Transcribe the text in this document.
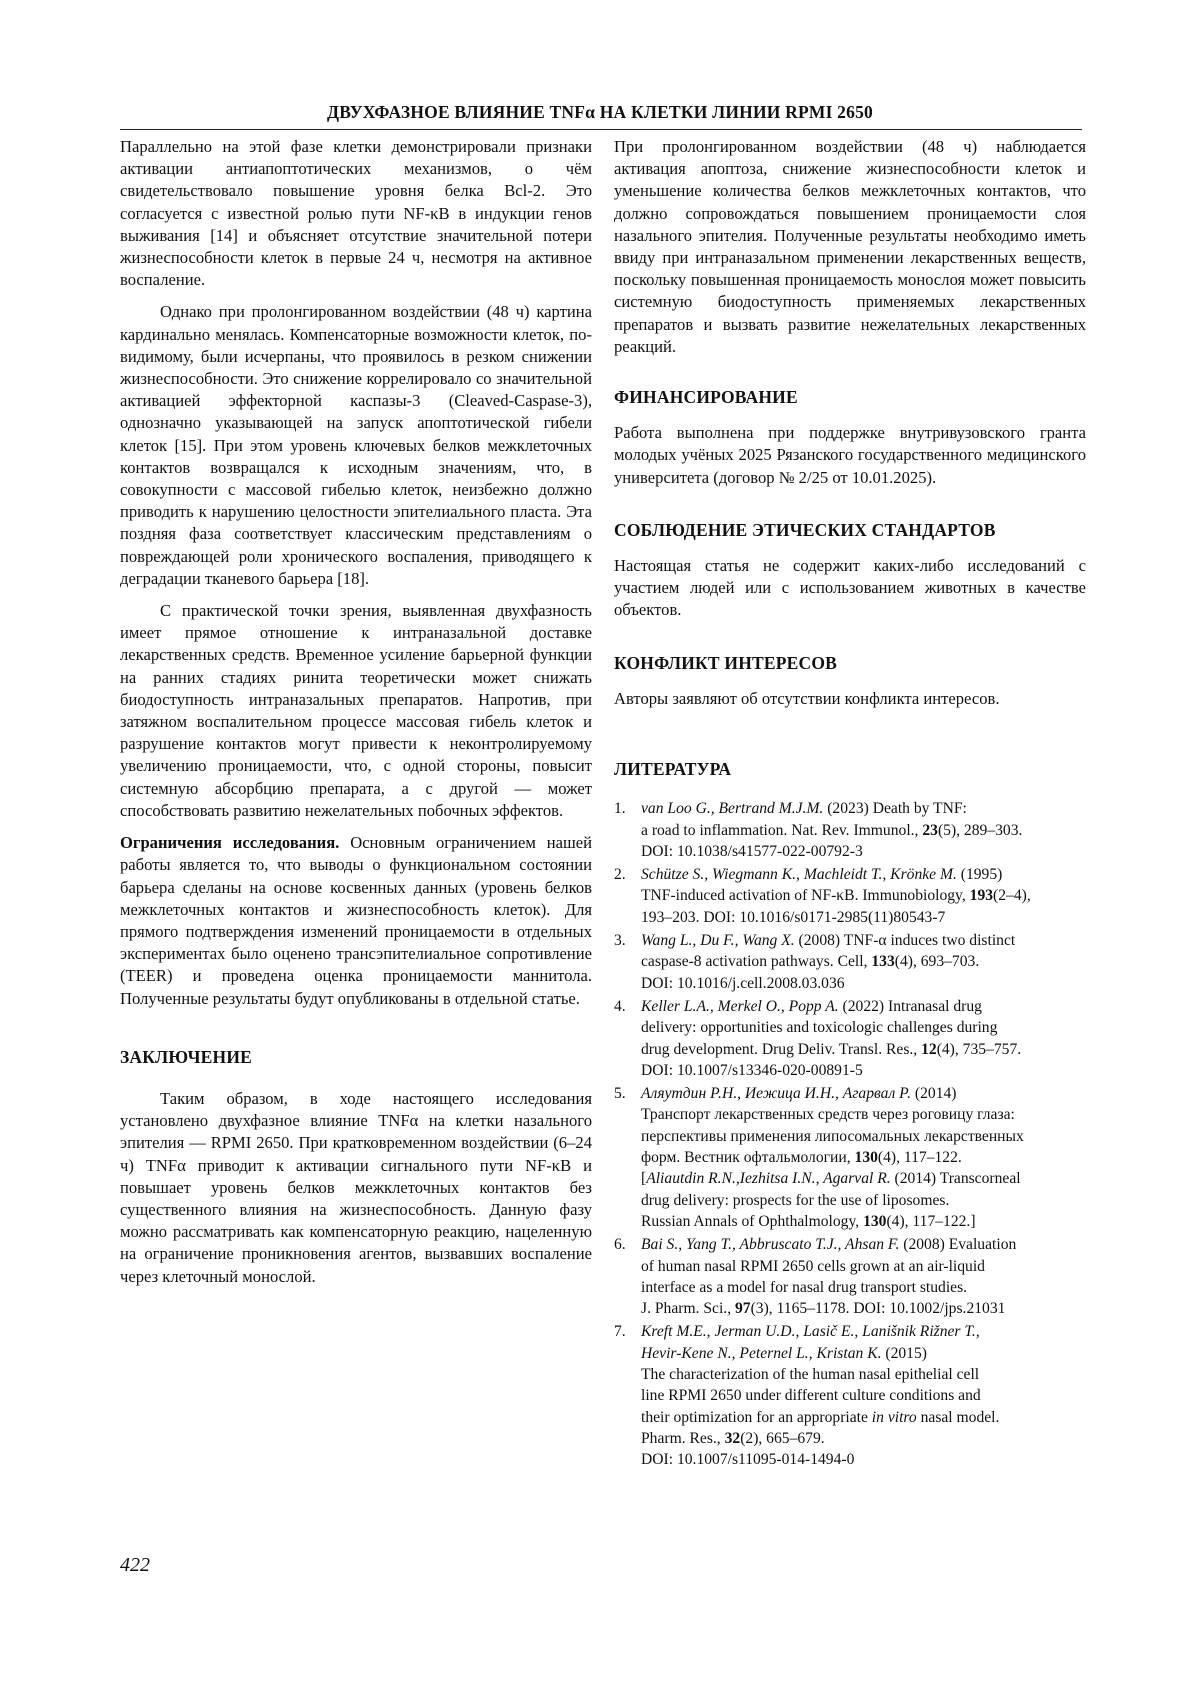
ДВУХФАЗНОЕ ВЛИЯНИЕ TNFα НА КЛЕТКИ ЛИНИИ RPMI 2650

Параллельно на этой фазе клетки демонстрировали признаки активации антиапоптотических механизмов, о чём свидетельствовало повышение уровня белка Bcl-2. Это согласуется с известной ролью пути NF-κB в индукции генов выживания [14] и объясняет отсутствие значительной потери жизнеспособности клеток в первые 24 ч, несмотря на активное воспаление.

Однако при пролонгированном воздействии (48 ч) картина кардинально менялась. Компенсаторные возможности клеток, по-видимому, были исчерпаны, что проявилось в резком снижении жизнеспособности. Это снижение коррелировало со значительной активацией эффекторной каспазы-3 (Cleaved-Caspase-3), однозначно указывающей на запуск апоптотической гибели клеток [15]. При этом уровень ключевых белков межклеточных контактов возвращался к исходным значениям, что, в совокупности с массовой гибелью клеток, неизбежно должно приводить к нарушению целостности эпителиального пласта. Эта поздняя фаза соответствует классическим представлениям о повреждающей роли хронического воспаления, приводящего к деградации тканевого барьера [18].

С практической точки зрения, выявленная двухфазность имеет прямое отношение к интраназальной доставке лекарственных средств. Временное усиление барьерной функции на ранних стадиях ринита теоретически может снижать биодоступность интраназальных препаратов. Напротив, при затяжном воспалительном процессе массовая гибель клеток и разрушение контактов могут привести к неконтролируемому увеличению проницаемости, что, с одной стороны, повысит системную абсорбцию препарата, а с другой — может способствовать развитию нежелательных побочных эффектов.

Ограничения исследования. Основным ограничением нашей работы является то, что выводы о функциональном состоянии барьера сделаны на основе косвенных данных (уровень белков межклеточных контактов и жизнеспособность клеток). Для прямого подтверждения изменений проницаемости в отдельных экспериментах было оценено трансэпителиальное сопротивление (TEER) и проведена оценка проницаемости маннитола. Полученные результаты будут опубликованы в отдельной статье.

ЗАКЛЮЧЕНИЕ

Таким образом, в ходе настоящего исследования установлено двухфазное влияние TNFα на клетки назального эпителия — RPMI 2650. При кратковременном воздействии (6–24 ч) TNFα приводит к активации сигнального пути NF-κB и повышает уровень белков межклеточных контактов без существенного влияния на жизнеспособность. Данную фазу можно рассматривать как компенсаторную реакцию, нацеленную на ограничение проникновения агентов, вызвавших воспаление через клеточный монослой.

При пролонгированном воздействии (48 ч) наблюдается активация апоптоза, снижение жизнеспособности клеток и уменьшение количества белков межклеточных контактов, что должно сопровождаться повышением проницаемости слоя назального эпителия. Полученные результаты необходимо иметь ввиду при интраназальном применении лекарственных веществ, поскольку повышенная проницаемость монослоя может повысить системную биодоступность применяемых лекарственных препаратов и вызвать развитие нежелательных лекарственных реакций.

ФИНАНСИРОВАНИЕ

Работа выполнена при поддержке внутривузовского гранта молодых учёных 2025 Рязанского государственного медицинского университета (договор № 2/25 от 10.01.2025).

СОБЛЮДЕНИЕ ЭТИЧЕСКИХ СТАНДАРТОВ

Настоящая статья не содержит каких-либо исследований с участием людей или с использованием животных в качестве объектов.

КОНФЛИКТ ИНТЕРЕСОВ

Авторы заявляют об отсутствии конфликта интересов.

ЛИТЕРАТУРА
1. van Loo G., Bertrand M.J.M. (2023) Death by TNF:
a road to inflammation. Nat. Rev. Immunol., 23(5), 289–303.
DOI: 10.1038/s41577-022-00792-3
2. Schütze S., Wiegmann K., Machleidt T., Krönke M. (1995)
TNF-induced activation of NF-κB. Immunobiology, 193(2–4),
193–203. DOI: 10.1016/s0171-2985(11)80543-7
3. Wang L., Du F., Wang X. (2008) TNF-α induces two distinct
caspase-8 activation pathways. Cell, 133(4), 693–703.
DOI: 10.1016/j.cell.2008.03.036
4. Keller L.A., Merkel O., Popp A. (2022) Intranasal drug
delivery: opportunities and toxicologic challenges during
drug development. Drug Deliv. Transl. Res., 12(4), 735–757.
DOI: 10.1007/s13346-020-00891-5
5. Аляутдин Р.Н., Иежица И.Н., Агарвал Р. (2014)
Транспорт лекарственных средств через роговицу глаза:
перспективы применения липосомальных лекарственных
форм. Вестник офтальмологии, 130(4), 117–122.
[Aliautdin R.N.,Iezhitsa I.N., Agarval R. (2014) Transcorneal
drug delivery: prospects for the use of liposomes.
Russian Annals of Ophthalmology, 130(4), 117–122.]
6. Bai S., Yang T., Abbruscato T.J., Ahsan F. (2008) Evaluation
of human nasal RPMI 2650 cells grown at an air-liquid
interface as a model for nasal drug transport studies.
J. Pharm. Sci., 97(3), 1165–1178. DOI: 10.1002/jps.21031
7. Kreft M.E., Jerman U.D., Lasič E., Lanišnik Rižner T.,
Hevir-Kene N., Peternel L., Kristan K. (2015)
The characterization of the human nasal epithelial cell
line RPMI 2650 under different culture conditions and
their optimization for an appropriate in vitro nasal model.
Pharm. Res., 32(2), 665–679.
DOI: 10.1007/s11095-014-1494-0
422
